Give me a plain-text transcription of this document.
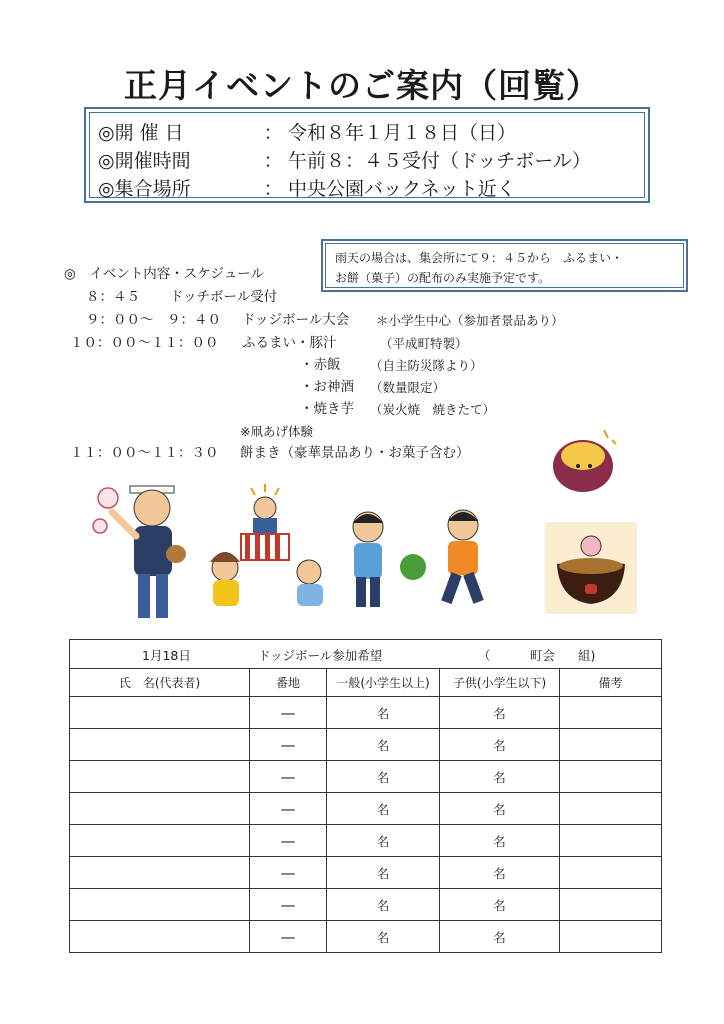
正月イベントのご案内（回覧）
◎開 催 日	： 令和８年１月１８日（日）
◎開催時間	： 午前８：４５受付（ドッチボール）
◎集合場所	： 中央公園バックネット近く
雨天の場合は、集会所にて９：４５から　ふるまい・
お餅（菓子）の配布のみ実施予定です。
◎　イベント内容・スケジュール
８：４５ ドッチボール受付
９：００～　９：４０ ドッジボール大会 ＊小学生中心（参加者景品あり）
１０：００～１１：００ ふるまい・豚汁	（平成町特製）
・赤飯 （自主防災隊より）
・お神酒 （数量限定）
・焼き芋 （炭火焼　焼きたて）
※凧あげ体験
１１：００～１１：３０ 餅まき（豪華景品あり・お菓子含む）
1月18日 ドッジボール参加希望 （ 町会 組)				

氏　名(代表者)	番地	一般(小学生以上)	子供(小学生以下)	備考
	—	名	名	
	—	名	名	
	—	名	名	
	—	名	名	
	—	名	名	
	—	名	名	
	—	名	名	
	—	名	名	
